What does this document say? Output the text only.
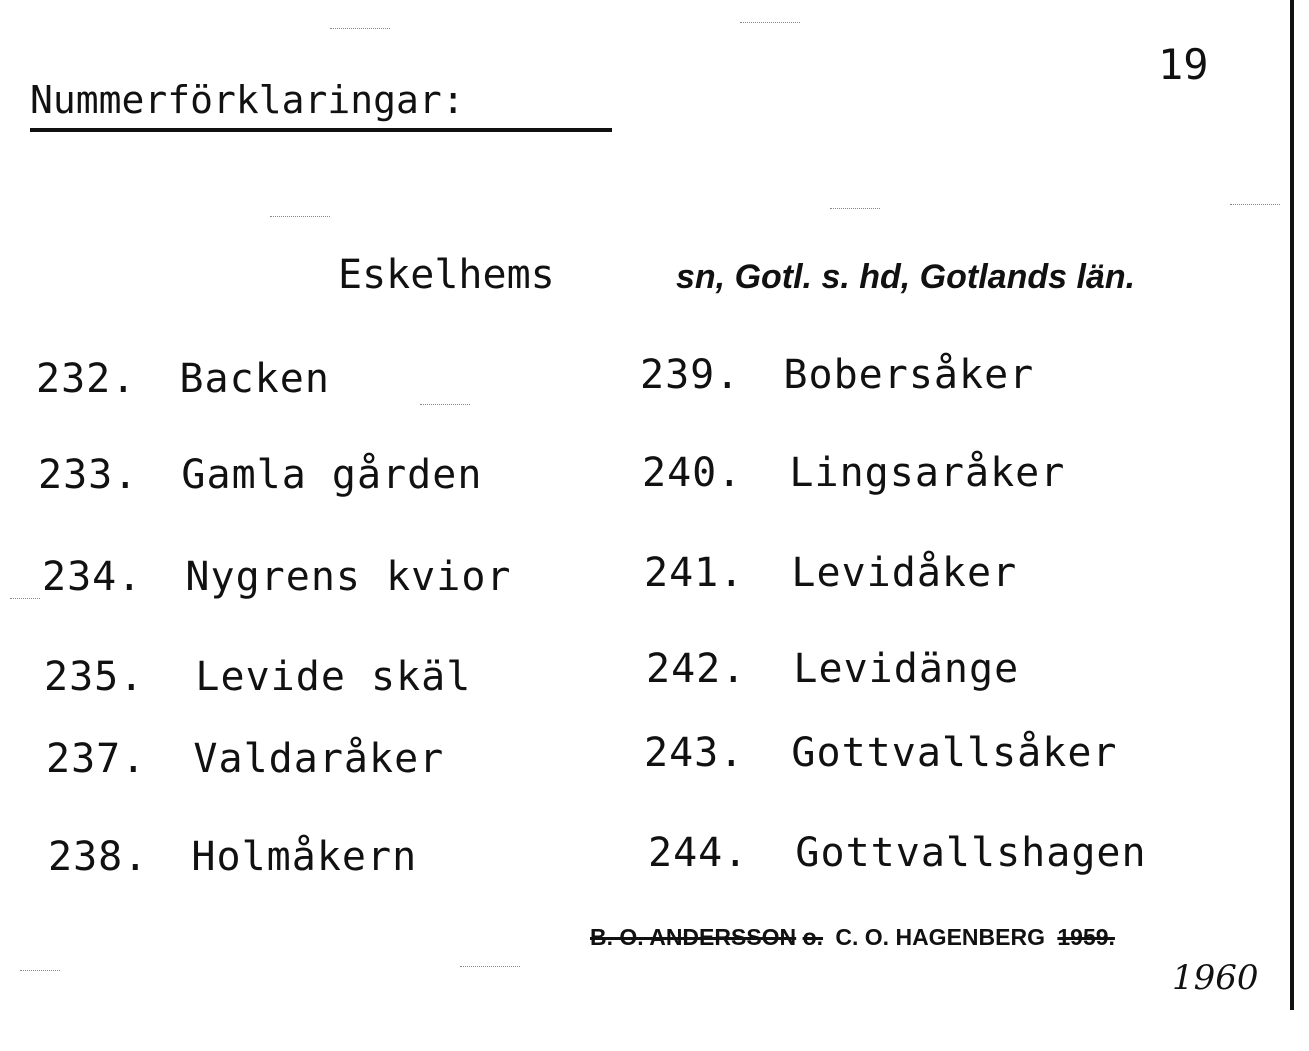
19
Nummerförklaringar:
Eskelhems	sn, Gotl. s. hd, Gotlands län.
232. Backen
233. Gamla gården
234. Nygrens kvior
235. Levide skäl
237. Valdaråker
238. Holmåkern
239. Bobersåker
240. Lingsaråker
241. Levidåker
242. Levidänge
243. Gottvallsåker
244. Gottvallshagen
B. O. ANDERSSON o. C. O. HAGENBERG 1959.
1960
